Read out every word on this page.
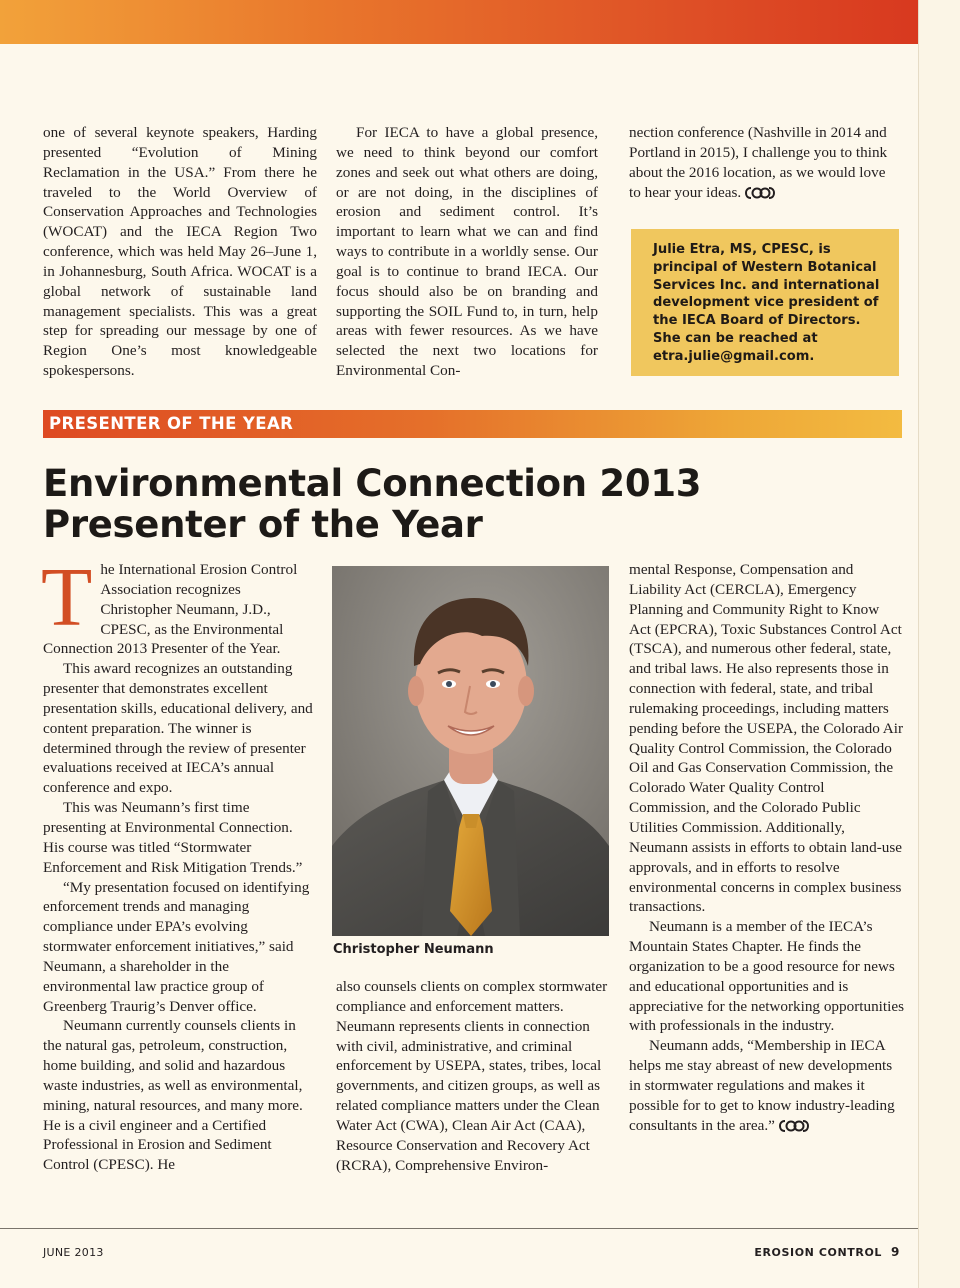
one of several keynote speakers, Harding presented “Evolution of Mining Reclamation in the USA.” From there he traveled to the World Overview of Conservation Approaches and Technologies (WOCAT) and the IECA Region Two conference, which was held May 26–June 1, in Johannesburg, South Africa. WOCAT is a global network of sustainable land management specialists. This was a great step for spreading our message by one of Region One’s most knowledgeable spokespersons.

For IECA to have a global presence, we need to think beyond our comfort zones and seek out what others are doing, or are not doing, in the disciplines of erosion and sediment control. It’s important to learn what we can and find ways to contribute in a worldly sense. Our goal is to continue to brand IECA. Our focus should also be on branding and supporting the SOIL Fund to, in turn, help areas with fewer resources. As we have selected the next two locations for Environmental Con-

nection conference (Nashville in 2014 and Portland in 2015), I challenge you to think about the 2016 location, as we would love to hear your ideas.

Julie Etra, MS, CPESC, is principal of Western Botanical Services Inc. and international development vice president of the IECA Board of Directors. She can be reached at etra.julie@gmail.com.
PRESENTER OF THE YEAR
Environmental Connection 2013
Presenter of the Year

The International Erosion Control Association recognizes Christopher Neumann, J.D., CPESC, as the Environmental Connection 2013 Presenter of the Year.

This award recognizes an outstanding presenter that demonstrates excellent presentation skills, educational delivery, and content preparation. The winner is determined through the review of presenter evaluations received at IECA’s annual conference and expo.

This was Neumann’s first time presenting at Environmental Connection. His course was titled “Stormwater Enforcement and Risk Mitigation Trends.”

“My presentation focused on identifying enforcement trends and managing compliance under EPA’s evolving stormwater enforcement initiatives,” said Neumann, a shareholder in the environmental law practice group of Greenberg Traurig’s Denver office.

Neumann currently counsels clients in the natural gas, petroleum, construction, home building, and solid and hazardous waste industries, as well as environmental, mining, natural resources, and many more. He is a civil engineer and a Certified Professional in Erosion and Sediment Control (CPESC). He

Christopher Neumann

also counsels clients on complex stormwater compliance and enforcement matters. Neumann represents clients in connection with civil, administrative, and criminal enforcement by USEPA, states, tribes, local governments, and citizen groups, as well as related compliance matters under the Clean Water Act (CWA), Clean Air Act (CAA), Resource Conservation and Recovery Act (RCRA), Comprehensive Environ-

mental Response, Compensation and Liability Act (CERCLA), Emergency Planning and Community Right to Know Act (EPCRA), Toxic Substances Control Act (TSCA), and numerous other federal, state, and tribal laws. He also represents those in connection with federal, state, and tribal rulemaking proceedings, including matters pending before the USEPA, the Colorado Air Quality Control Commission, the Colorado Oil and Gas Conservation Commission, the Colorado Water Quality Control Commission, and the Colorado Public Utilities Commission. Additionally, Neumann assists in efforts to obtain land-use approvals, and in efforts to resolve environmental concerns in complex business transactions.

Neumann is a member of the IECA’s Mountain States Chapter. He finds the organization to be a good resource for news and educational opportunities and is appreciative for the networking opportunities with professionals in the industry.

Neumann adds, “Membership in IECA helps me stay abreast of new developments in stormwater regulations and makes it possible for to get to know industry-leading consultants in the area.”

JUNE 2013	EROSION CONTROL 9
